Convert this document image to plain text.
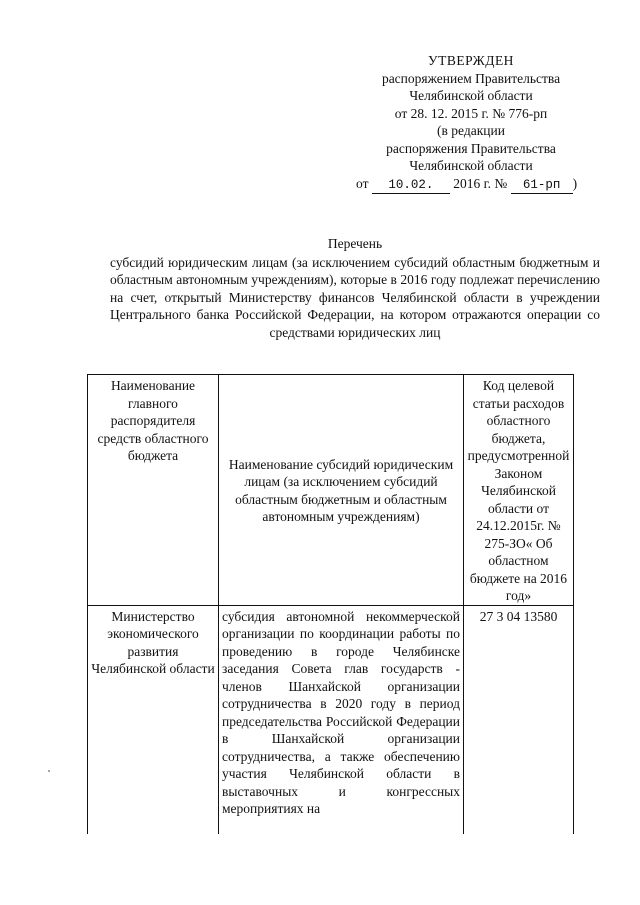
УТВЕРЖДЕН
распоряжением Правительства
Челябинской области
от 28. 12. 2015 г. № 776-рп
(в редакции
распоряжения Правительства
Челябинской области
от 10.02. 2016 г. № 61-рп )
Перечень
субсидий юридическим лицам (за исключением субсидий областным бюджетным и областным автономным учреждениям), которые в 2016 году подлежат перечислению на счет, открытый Министерству финансов Челябинской области в учреждении Центрального банка Российской Федерации, на котором отражаются операции со средствами юридических лиц
Наименование главного распорядителя средств областного бюджета	Наименование субсидий юридическим лицам (за исключением субсидий областным бюджетным и областным автономным учреждениям)	Код целевой статьи расходов областного бюджета, предусмотренной Законом Челябинской области от 24.12.2015г. № 275-ЗО« Об областном бюджете на 2016 год»
Министерство экономического развития Челябинской области	субсидия автономной некоммерческой организации по координации работы по проведению в городе Челябинске заседания Совета глав государств - членов Шанхайской организации сотрудничества в 2020 году в период председательства Российской Федерации в Шанхайской организации сотрудничества, а также обеспечению участия Челябинской области в выставочных и конгрессных мероприятиях на	27 3 04 13580
